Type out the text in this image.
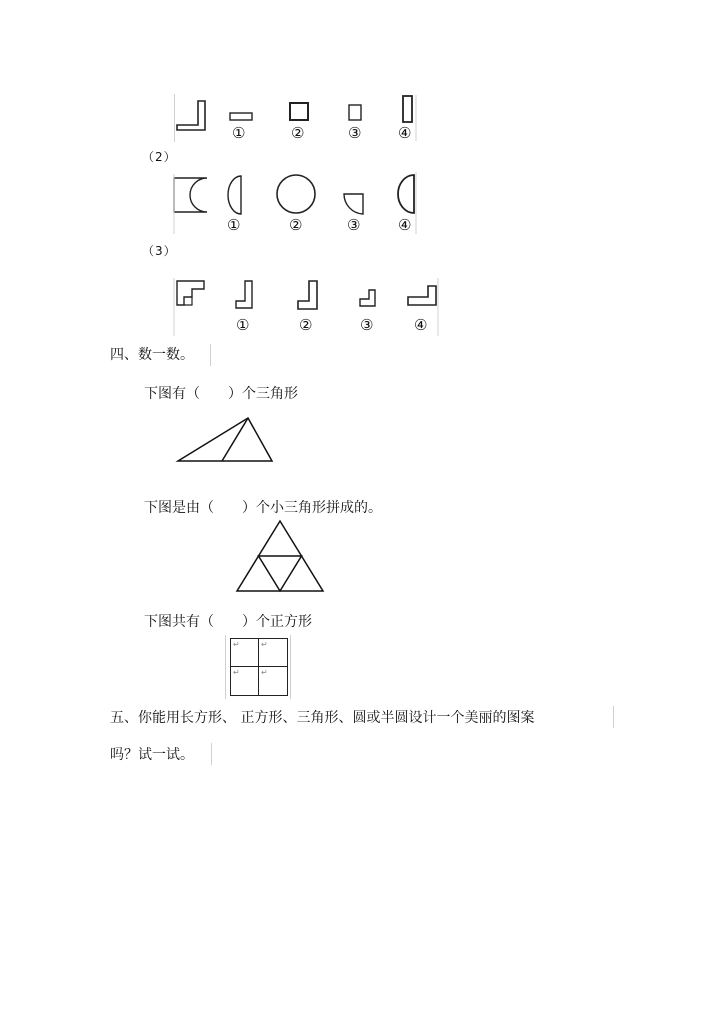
①	②	③ ④
（2）
①	②	③	④
（3）
①	②	③	④
四、数一数。
下图有（　　）个三角形
下图是由（　　）个小三角形拼成的。
下图共有（　　）个正方形
↵	↵
↵	↵
五、你能用长方形、 正方形、三角形、圆或半圆设计一个美丽的图案
吗？试一试。
